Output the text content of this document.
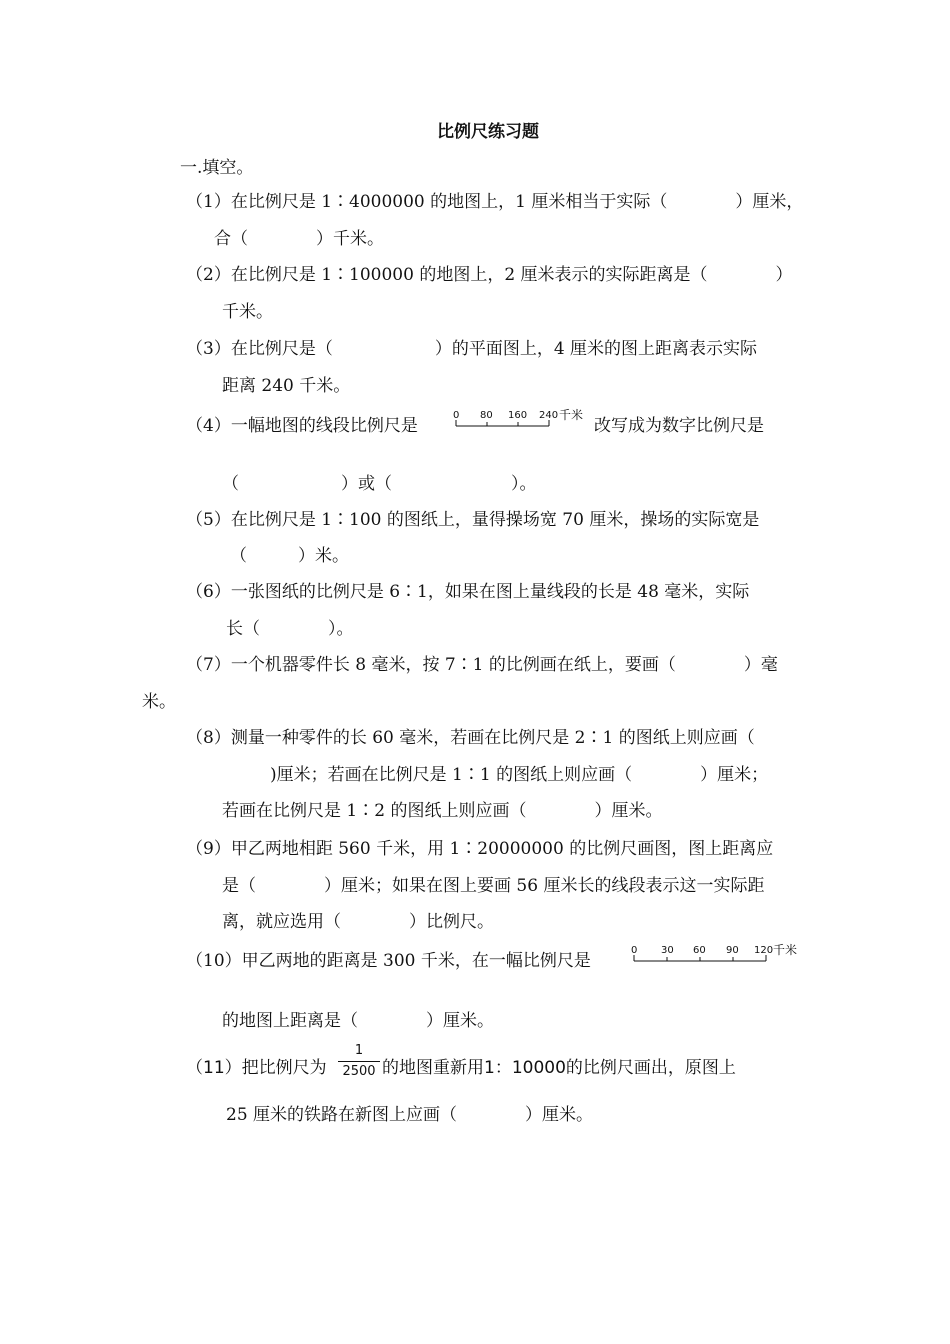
比例尺练习题
一.填空。
（1）在比例尺是 1∶4000000 的地图上，1 厘米相当于实际（　　　　）厘米，
合（　　　　）千米。
（2）在比例尺是 1∶100000 的地图上，2 厘米表示的实际距离是（　　　　）
千米。
（3）在比例尺是（　　　　　　）的平面图上，4 厘米的图上距离表示实际
距离 240 千米。
（4）一幅地图的线段比例尺是
0 80 160 240 千米
改写成为数字比例尺是
（　　　　　　）或（　　　　　　　）。
（5）在比例尺是 1∶100 的图纸上，量得操场宽 70 厘米，操场的实际宽是
（　　　）米。
（6）一张图纸的比例尺是 6∶1，如果在图上量线段的长是 48 毫米，实际
长（　　　　）。
（7）一个机器零件长 8 毫米，按 7∶1 的比例画在纸上，要画（　　　　）毫
米。
（8）测量一种零件的长 60 毫米，若画在比例尺是 2∶1 的图纸上则应画（
)厘米；若画在比例尺是 1∶1 的图纸上则应画（　　　　）厘米；
若画在比例尺是 1∶2 的图纸上则应画（　　　　）厘米。
（9）甲乙两地相距 560 千米，用 1∶20000000 的比例尺画图，图上距离应
是（　　　　）厘米；如果在图上要画 56 厘米长的线段表示这一实际距
离，就应选用（　　　　）比例尺。
（10）甲乙两地的距离是 300 千米，在一幅比例尺是
0 30 60 90 120 千米
的地图上距离是（　　　　）厘米。
（11）把比例尺为
1
2500 的地图重新用1：10000的比例尺画出，原图上
25 厘米的铁路在新图上应画（　　　　）厘米。
